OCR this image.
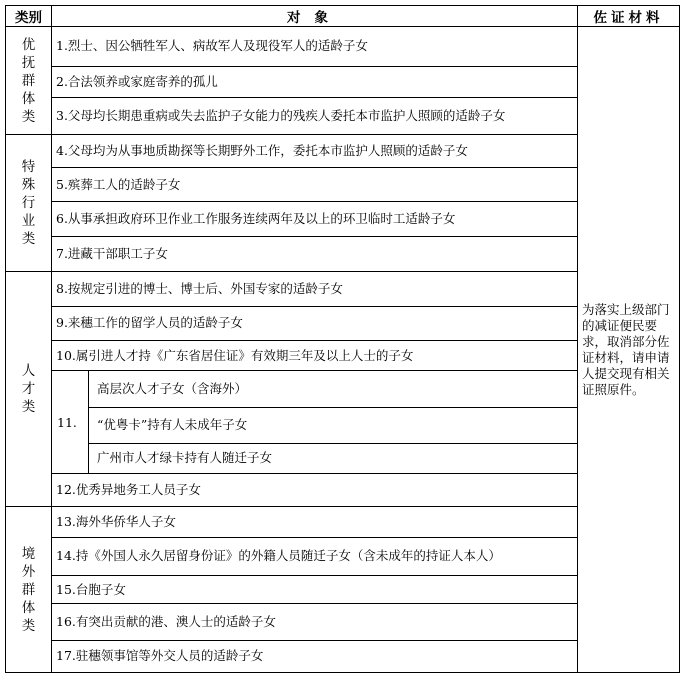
类别	对象		佐证材料

优
抚
群
体
类	1.烈士、因公牺牲军人、病故军人及现役军人的适龄子女		为落实上级部门的减证便民要求，取消部分佐证材料，请申请人提交现有相关证照原件。
	2.合法领养或家庭寄养的孤儿		
	3.父母均长期患重病或失去监护子女能力的残疾人委托本市监护人照顾的适龄子女		

特
殊
行
业
类	4.父母均为从事地质勘探等长期野外工作，委托本市监护人照顾的适龄子女		
	5.殡葬工人的适龄子女		
	6.从事承担政府环卫作业工作服务连续两年及以上的环卫临时工适龄子女		
	7.进藏干部职工子女		

人
才
类	8.按规定引进的博士、博士后、外国专家的适龄子女		
	9.来穗工作的留学人员的适龄子女		
	10.属引进人才持《广东省居住证》有效期三年及以上人士的子女		
	11.	高层次人才子女（含海外）	
		“优粤卡”持有人未成年子女	
		广州市人才绿卡持有人随迁子女	
	12.优秀异地务工人员子女		

境
外
群
体
类	13.海外华侨华人子女		
	14.持《外国人永久居留身份证》的外籍人员随迁子女（含未成年的持证人本人）		
	15.台胞子女		
	16.有突出贡献的港、澳人士的适龄子女		
	17.驻穗领事馆等外交人员的适龄子女		
